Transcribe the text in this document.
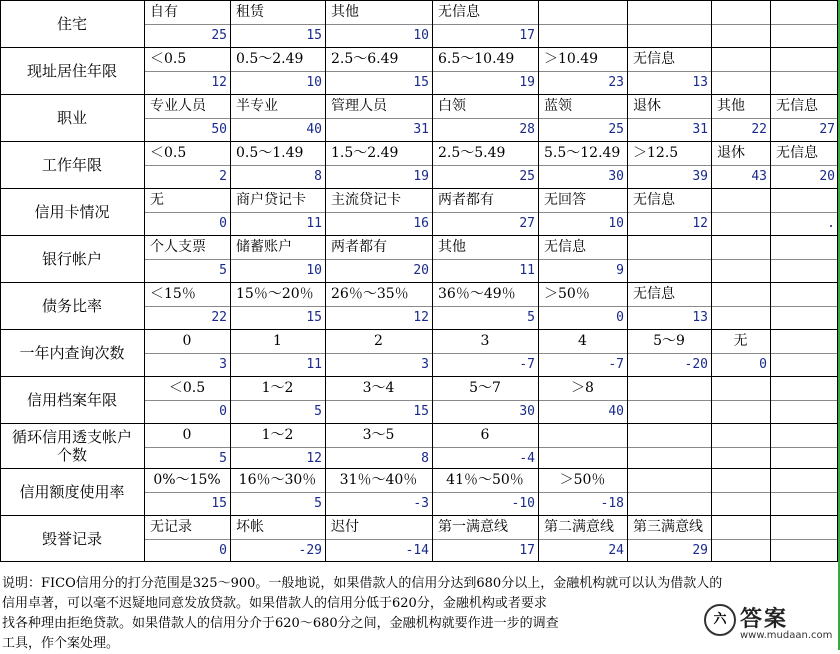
住宅
自有
25
租赁
15
其他
10
无信息
17
现址居住年限
＜0.5
12
0.5～2.49
10
2.5～6.49
15
6.5～10.49
19
＞10.49
23
无信息
13
职业
专业人员
50
半专业
40
管理人员
31
白领
28
蓝领
25
退休
31
其他
22
无信息
27
工作年限
＜0.5
2
0.5～1.49
8
1.5～2.49
19
2.5～5.49
25
5.5～12.49
30
＞12.5
39
退休
43
无信息
20
信用卡情况
无
0
商户贷记卡
11
主流贷记卡
16
两者都有
27
无回答
10
无信息
12	.
银行帐户
个人支票
5
储蓄账户
10
两者都有
20
其他
11
无信息
9
债务比率
＜15％
22
15％～20％
15
26％～35％
12
36％～49％
5
＞50％
0
无信息
13
一年内查询次数
0
3
1
11
2
3
3
-7
4
-7
5～9
-20
无
0
信用档案年限
＜0.5
0
1～2
5
3～4
15
5～7
30
＞8
40
循环信用透支帐户个数
0
5
1～2
12
3～5
8
6
-4
信用额度使用率
0%～15%
15
16％～30％
5
31％～40％
-3
41％～50％
-10
＞50％
-18
毁誉记录
无记录
0
坏帐
-29
迟付
-14
第一满意线
17
第二满意线
24
第三满意线
29

说明：FICO信用分的打分范围是325～900。一般地说，如果借款人的信用分达到680分以上，金融机构就可以认为借款人的

信用卓著，可以毫不迟疑地同意发放贷款。如果借款人的信用分低于620分，金融机构或者要求

找各种理由拒绝贷款。如果借款人的信用分介于620～680分之间，金融机构就要作进一步的调查

工具，作个案处理。

六 答案
www.mudaan.com
